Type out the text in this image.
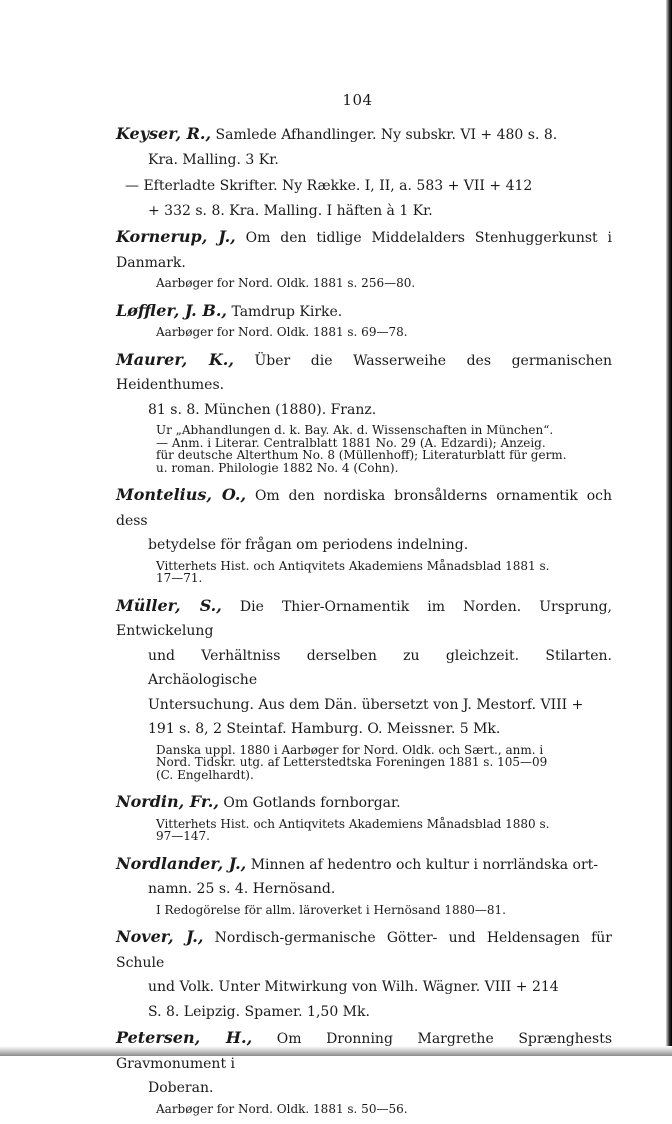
104
Keyser, R., Samlede Afhandlinger. Ny subskr. VI + 480 s. 8.
Kra. Malling. 3 Kr.
— Efterladte Skrifter. Ny Række. I, II, a. 583 + VII + 412
+ 332 s. 8. Kra. Malling. I häften à 1 Kr.
Kornerup, J., Om den tidlige Middelalders Stenhuggerkunst i Danmark.
Aarbøger for Nord. Oldk. 1881 s. 256—80.
Løffler, J. B., Tamdrup Kirke.
Aarbøger for Nord. Oldk. 1881 s. 69—78.
Maurer, K., Über die Wasserweihe des germanischen Heidenthumes.
81 s. 8. München (1880). Franz.
Ur „Abhandlungen d. k. Bay. Ak. d. Wissenschaften in München“.
— Anm. i Literar. Centralblatt 1881 No. 29 (A. Edzardi); Anzeig.
für deutsche Alterthum No. 8 (Müllenhoff); Literaturblatt für germ.
u. roman. Philologie 1882 No. 4 (Cohn).
Montelius, O., Om den nordiska bronsålderns ornamentik och dess
betydelse för frågan om periodens indelning.
Vitterhets Hist. och Antiqvitets Akademiens Månadsblad 1881 s.
17—71.
Müller, S., Die Thier-Ornamentik im Norden. Ursprung, Entwickelung
und Verhältniss derselben zu gleichzeit. Stilarten. Archäologische
Untersuchung. Aus dem Dän. übersetzt von J. Mestorf. VIII +
191 s. 8, 2 Steintaf. Hamburg. O. Meissner. 5 Mk.
Danska uppl. 1880 i Aarbøger for Nord. Oldk. och Sært., anm. i
Nord. Tidskr. utg. af Letterstedtska Foreningen 1881 s. 105—09
(C. Engelhardt).
Nordin, Fr., Om Gotlands fornborgar.
Vitterhets Hist. och Antiqvitets Akademiens Månadsblad 1880 s.
97—147.
Nordlander, J., Minnen af hedentro och kultur i norrländska ort-
namn. 25 s. 4. Hernösand.
I Redogörelse för allm. läroverket i Hernösand 1880—81.
Nover, J., Nordisch-germanische Götter- und Heldensagen für Schule
und Volk. Unter Mitwirkung von Wilh. Wägner. VIII + 214
S. 8. Leipzig. Spamer. 1,50 Mk.
Petersen, H., Om Dronning Margrethe Sprænghests Gravmonument i
Doberan.
Aarbøger for Nord. Oldk. 1881 s. 50—56.
